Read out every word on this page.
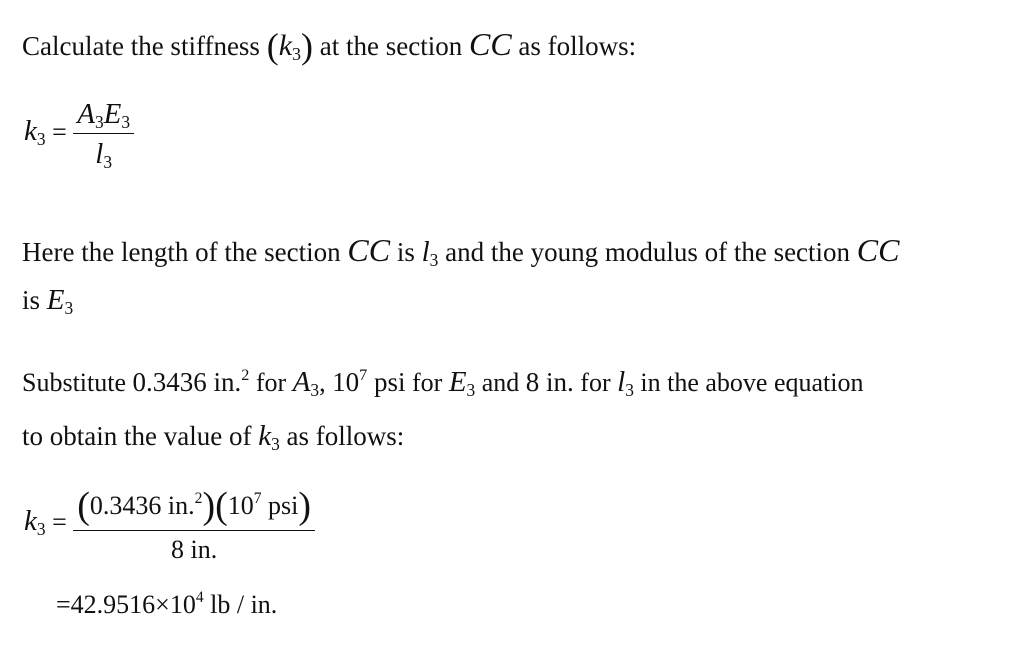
Calculate the stiffness $(k_3)$ at the section CC as follows:
$k_3 = \frac{A_3E_3}{l_3}$
Here the length of the section CC is $l_3$ and the young modulus of the section CC
is $E_3$
Substitute 0.3436 in.$^2$ for $A_3$, $10^7$ psi for $E_3$ and 8 in. for $l_3$ in the above equation
to obtain the value of $k_3$ as follows:
$k_3 = \frac{(0.3436 in.^2)(10^7 psi)}{8 in.}$
$=42.9516\times 10^4$ lb / in.
